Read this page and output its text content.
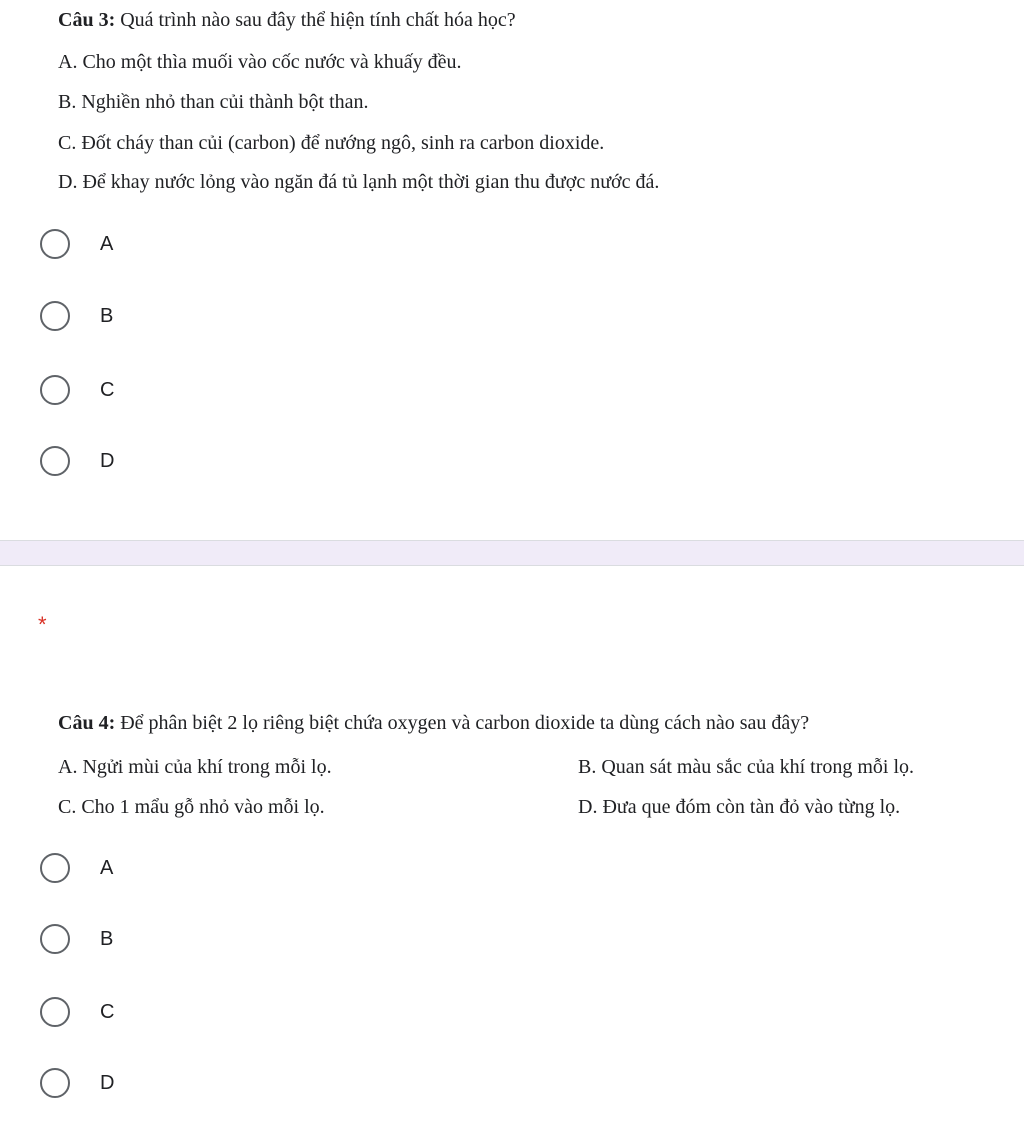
Câu 3: Quá trình nào sau đây thể hiện tính chất hóa học?
A. Cho một thìa muối vào cốc nước và khuấy đều.
B. Nghiền nhỏ than củi thành bột than.
C. Đốt cháy than củi (carbon) để nướng ngô, sinh ra carbon dioxide.
D. Để khay nước lỏng vào ngăn đá tủ lạnh một thời gian thu được nước đá.
A
B
C
D
*
Câu 4: Để phân biệt 2 lọ riêng biệt chứa oxygen và carbon dioxide ta dùng cách nào sau đây?
A. Ngửi mùi của khí trong mỗi lọ.	B. Quan sát màu sắc của khí trong mỗi lọ.
C. Cho 1 mẩu gỗ nhỏ vào mỗi lọ.	D. Đưa que đóm còn tàn đỏ vào từng lọ.
A
B
C
D
